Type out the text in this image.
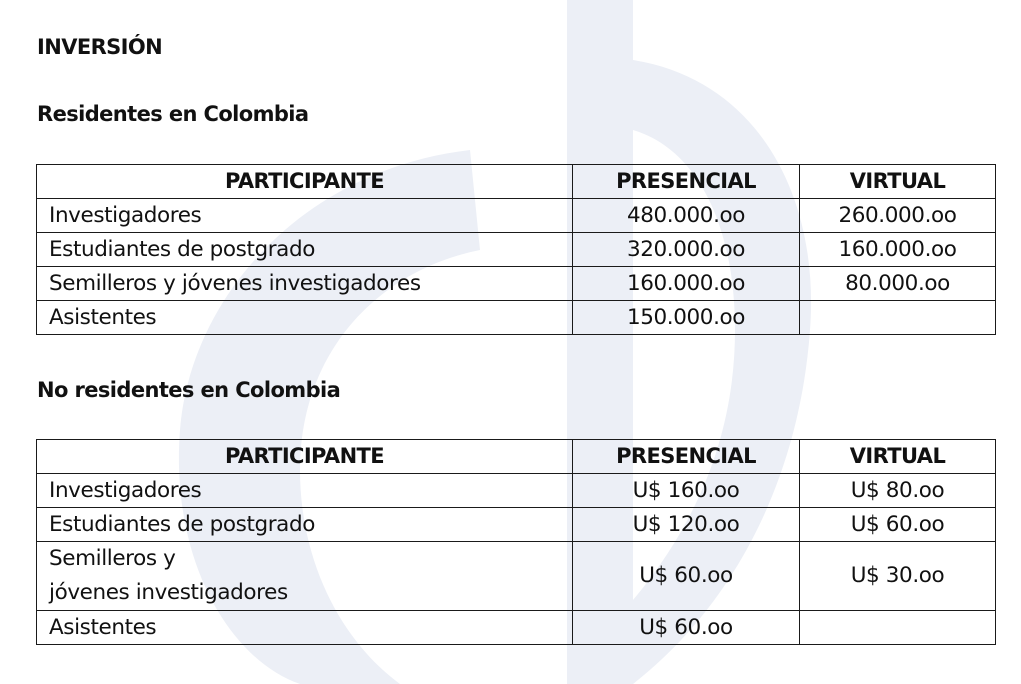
INVERSIÓN
Residentes en Colombia
PARTICIPANTE	PRESENCIAL	VIRTUAL
Investigadores	480.000.oo	260.000.oo
Estudiantes de postgrado	320.000.oo	160.000.oo
Semilleros y jóvenes investigadores	160.000.oo	80.000.oo
Asistentes	150.000.oo	
No residentes en Colombia
PARTICIPANTE	PRESENCIAL	VIRTUAL
Investigadores	U$ 160.oo	U$ 80.oo
Estudiantes de postgrado	U$ 120.oo	U$ 60.oo
Semilleros y
jóvenes investigadores	U$ 60.oo	U$ 30.oo
Asistentes	U$ 60.oo	
